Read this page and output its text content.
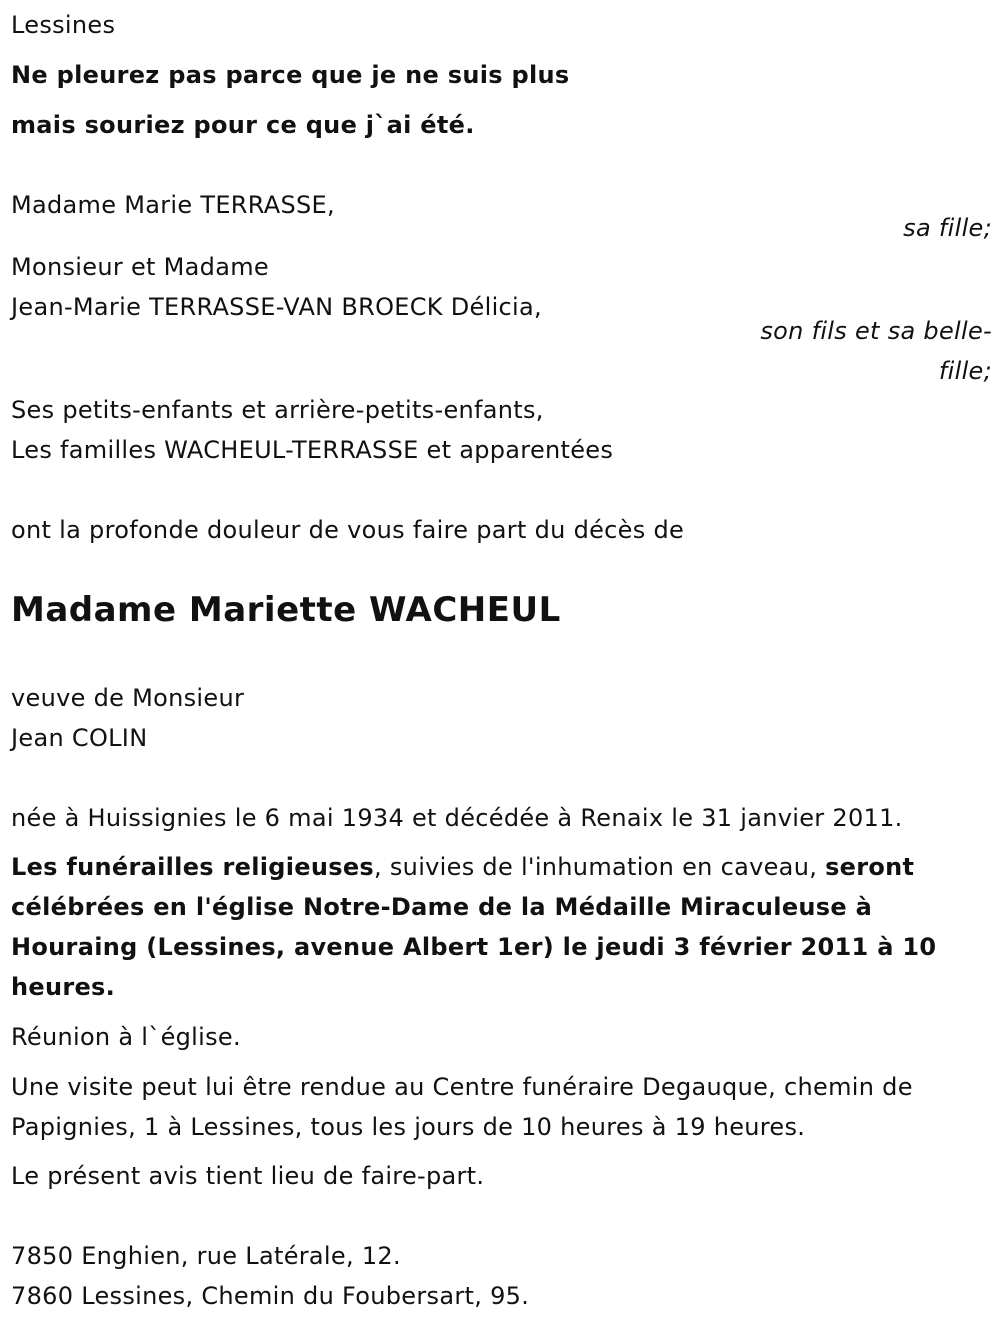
Lessines
Ne pleurez pas parce que je ne suis plus
mais souriez pour ce que j`ai été.
Madame Marie TERRASSE,
sa fille;
Monsieur et Madame
Jean-Marie TERRASSE-VAN BROECK Délicia,
son fils et sa belle-
fille;
Ses petits-enfants et arrière-petits-enfants,
Les familles WACHEUL-TERRASSE et apparentées
ont la profonde douleur de vous faire part du décès de
Madame Mariette WACHEUL
veuve de Monsieur
Jean COLIN
née à Huissignies le 6 mai 1934 et décédée à Renaix le 31 janvier 2011.
Les funérailles religieuses, suivies de l'inhumation en caveau, seront
célébrées en l'église Notre-Dame de la Médaille Miraculeuse à
Houraing (Lessines, avenue Albert 1er) le jeudi 3 février 2011 à 10
heures.
Réunion à l`église.
Une visite peut lui être rendue au Centre funéraire Degauque, chemin de
Papignies, 1 à Lessines, tous les jours de 10 heures à 19 heures.
Le présent avis tient lieu de faire-part.
7850 Enghien, rue Latérale, 12.
7860 Lessines, Chemin du Foubersart, 95.
